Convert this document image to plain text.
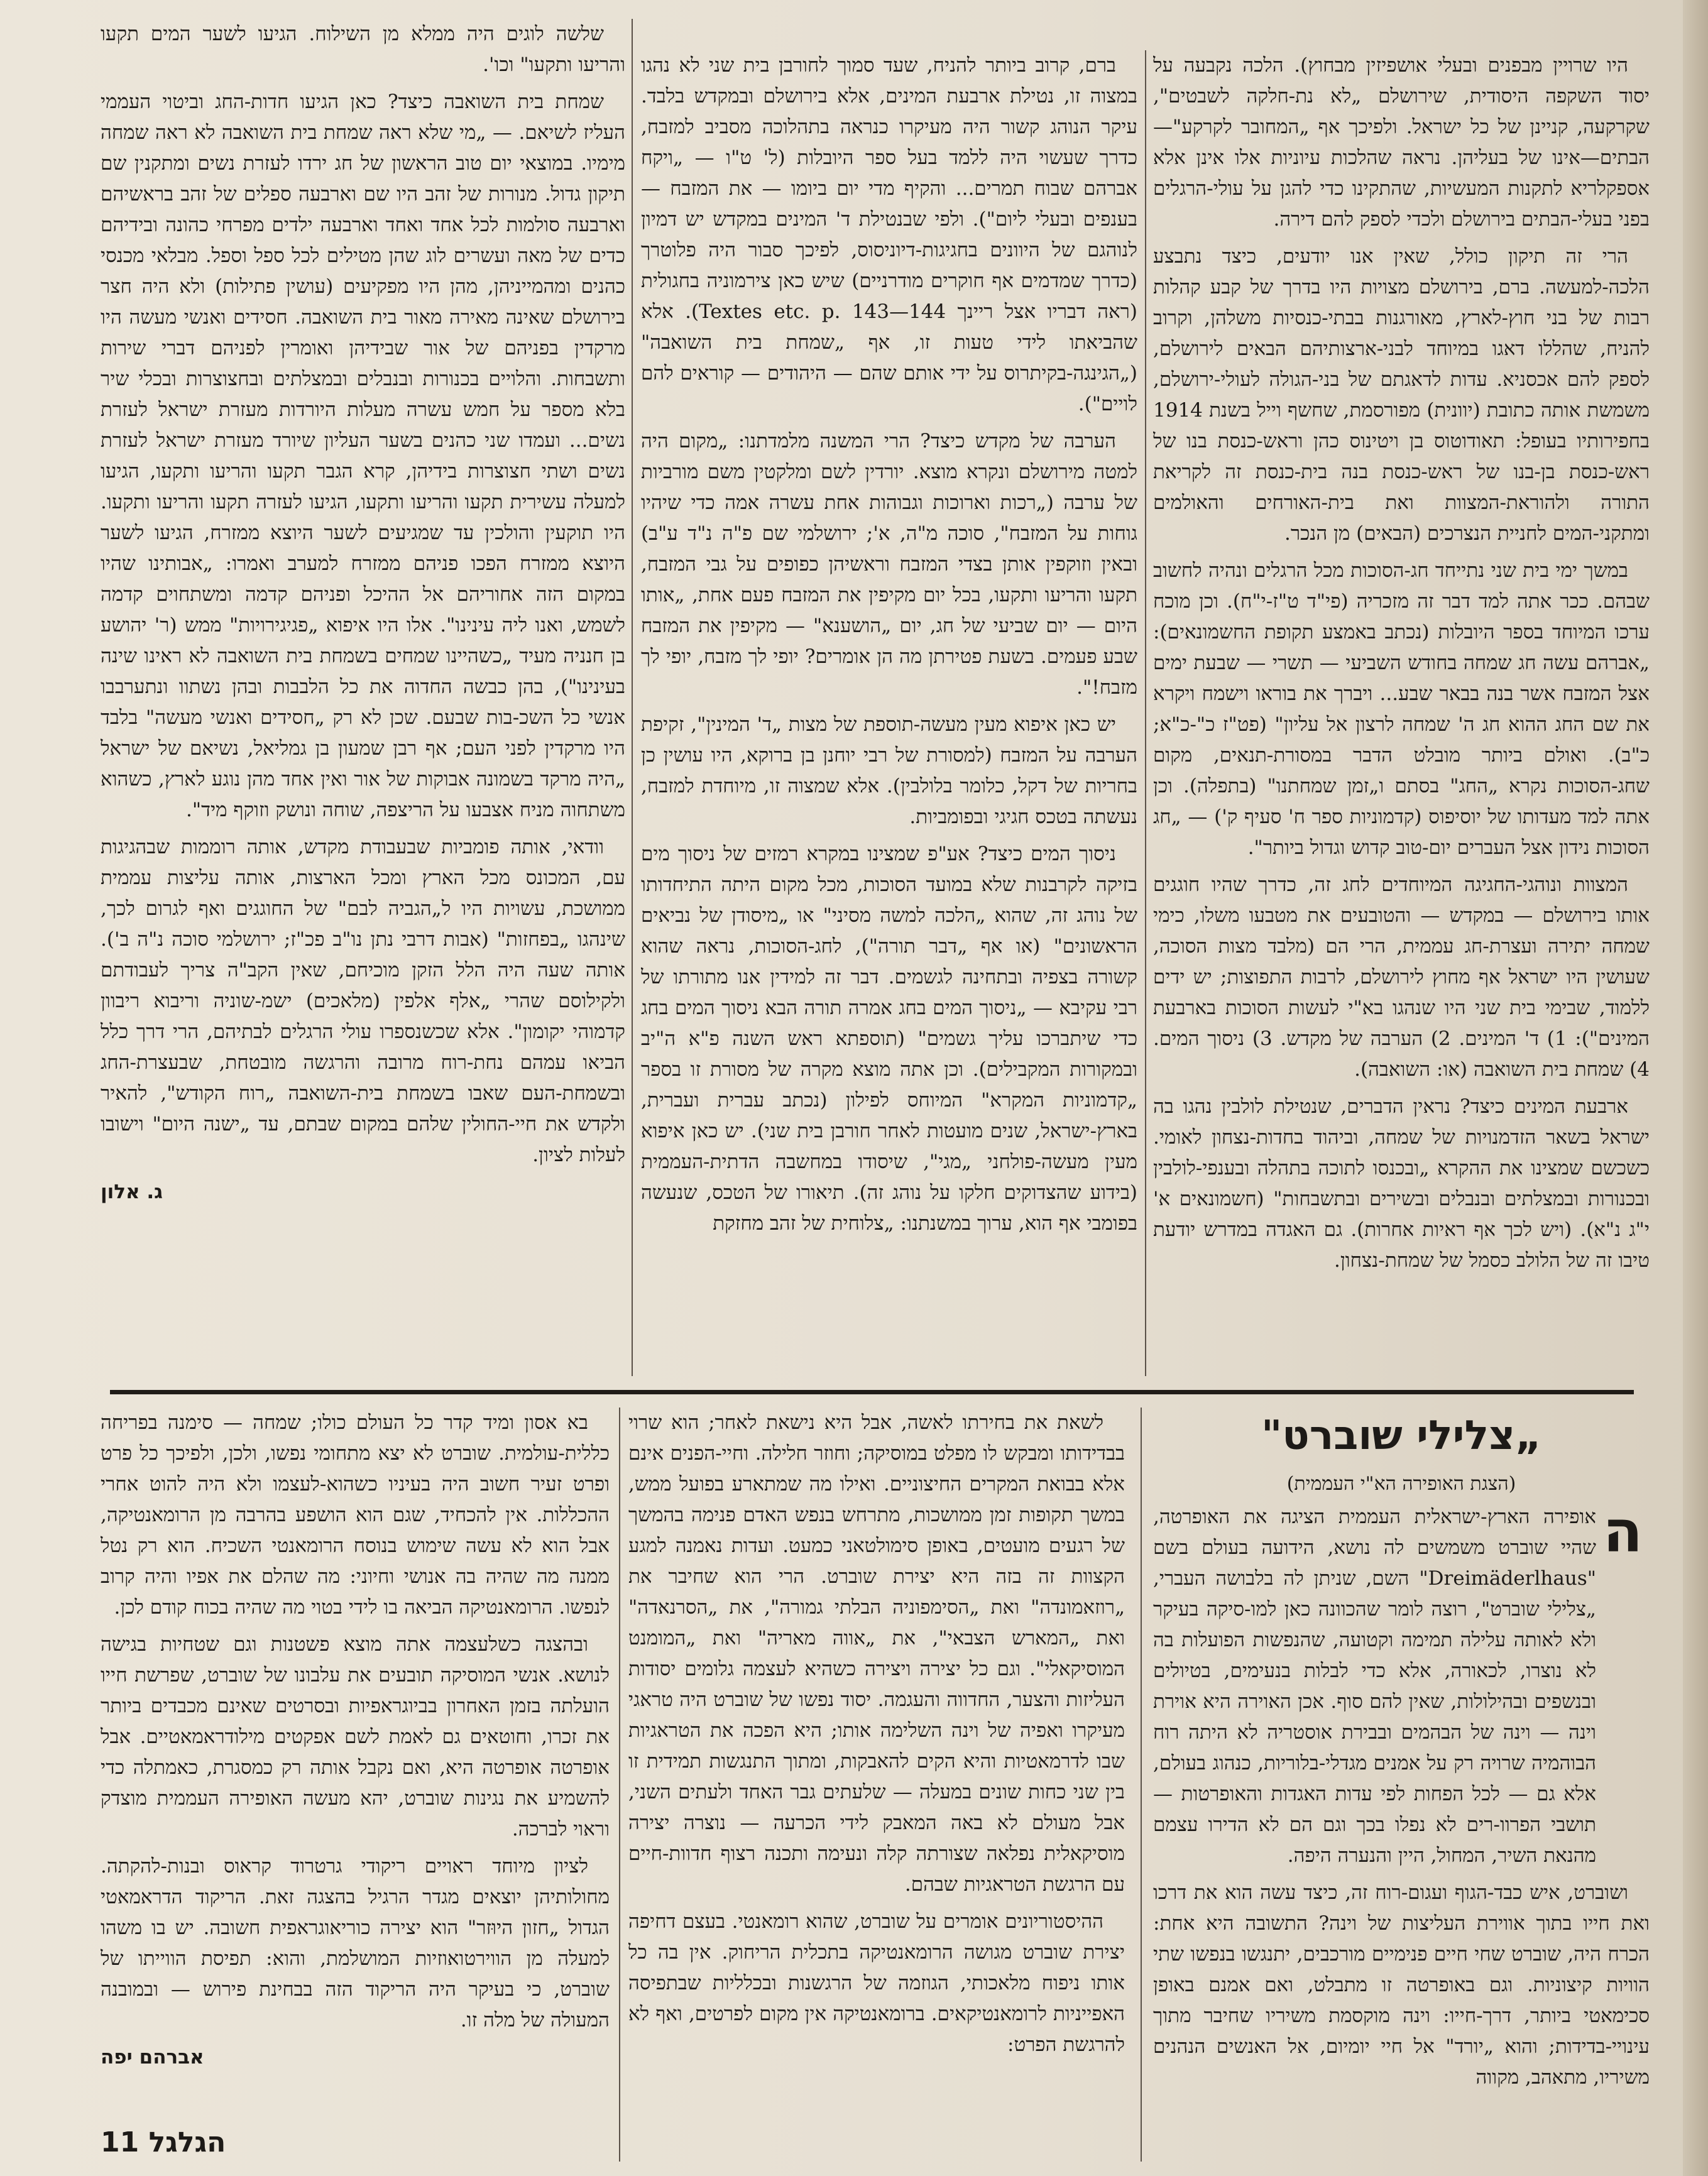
היו שרויין מבפנים ובעלי אושפיזין מבחוץ). הלכה נקבעה על יסוד השקפה היסודית, שירושלם „לא נת-חלקה לשבטים", שקרקעה, קניינן של כל ישראל. ולפיכך אף „המחובר לקרקע"—הבתים—אינו של בעליהן. נראה שהלכות עיוניות אלו אינן אלא אספקלריא לתקנות המעשיות, שהתקינו כדי להגן על עולי-הרגלים בפני בעלי-הבתים בירושלם ולכדי לספק להם דירה.

הרי זה תיקון כולל, שאין אנו יודעים, כיצד נתבצע הלכה-למעשה. ברם, בירושלם מצויות היו בדרך של קבע קהלות רבות של בני חוץ-לארץ, מאורגנות בבתי-כנסיות משלהן, וקרוב להניח, שהללו דאגו במיוחד לבני-ארצותיהם הבאים לירושלם, לספק להם אכסניא. עדות לדאגתם של בני-הגולה לעולי-ירושלם, משמשת אותה כתובת (יוונית) מפורסמת, שחשף וייל בשנת 1914 בחפירותיו בעופל: תאודוטוס בן ויטינוס כהן וראש-כנסת בנו של ראש-כנסת בן-בנו של ראש-כנסת בנה בית-כנסת זה לקריאת התורה ולהוראת-המצוות ואת בית-האורחים והאולמים ומתקני-המים לחניית הנצרכים (הבאים) מן הנכר.

במשך ימי בית שני נתייחד חג-הסוכות מכל הרגלים ונהיה לחשוב שבהם. ככר אתה למד דבר זה מזכריה (פי"ד ט"ז-י"ח). וכן מוכח ערכו המיוחד בספר היובלות (נכתב באמצע תקופת החשמונאים): „אברהם עשה חג שמחה בחודש השביעי — תשרי — שבעת ימים אצל המזבח אשר בנה בבאר שבע... ויברך את בוראו וישמח ויקרא את שם החג ההוא חג ה' שמחה לרצון אל עליון" (פט"ז כ"-כ"א; כ"ב). ואולם ביותר מובלט הדבר במסורת-תנאים, מקום שחג-הסוכות נקרא „החג" בסתם ו„זמן שמחתנו" (בתפלה). וכן אתה למד מעדותו של יוסיפוס (קדמוניות ספר ח' סעיף ק') — „חג הסוכות נידון אצל העברים יום-טוב קדוש וגדול ביותר".

המצוות ונוהגי-החגיגה המיוחדים לחג זה, כדרך שהיו חוגגים אותו בירושלם — במקדש — והטובעים את מטבעו משלו, כימי שמחה יתירה ועצרת-חג עממית, הרי הם (מלבד מצות הסוכה, שעושין היו ישראל אף מחוץ לירושלם, לרבות התפוצות; יש ידים ללמוד, שבימי בית שני היו שנהגו בא"י לעשות הסוכות בארבעת המינים"): 1) ד' המינים. 2) הערבה של מקדש. 3) ניסוך המים. 4) שמחת בית השואבה (או: השואבה).

ארבעת המינים כיצד? נראין הדברים, שנטילת לולבין נהגו בה ישראל בשאר הזדמנויות של שמחה, וביהוד בחדות-נצחון לאומי. כשכשם שמצינו את ההקרא „ובכנסו לתוכה בתהלה ובענפי-לולבין ובכנורות ובמצלתים ובנבלים ובשירים ובתשבחות" (חשמונאים א' י"ג נ"א). (ויש לכך אף ראיות אחרות). גם האגדה במדרש יודעת טיבו זה של הלולב כסמל של שמחת-נצחון.

ברם, קרוב ביותר להניח, שעד סמוך לחורבן בית שני לא נהגו במצוה זו, נטילת ארבעת המינים, אלא בירושלם ובמקדש בלבד. עיקר הנוהג קשור היה מעיקרו כנראה בתהלוכה מסביב למזבח, כדרך שעשוי היה ללמד בעל ספר היובלות (ל' ט"ו — „ויקח אברהם שבוח תמרים... והקיף מדי יום ביומו — את המזבח — בענפים ובעלי ליום"). ולפי שבנטילת ד' המינים במקדש יש דמיון לנוהגם של היוונים בחגיגות-דיוניסוס, לפיכך סבור היה פלוטרך (כדרך שמדמים אף חוקרים מודרניים) שיש כאן צירמוניה בחגולית (ראה דבריו אצל ריינך Textes etc. p. 143—144). אלא שהביאתו לידי טעות זו, אף „שמחת בית השואבה" („הגינגה-בקיתרוס על ידי אותם שהם — היהודים — קוראים להם לויים").

הערבה של מקדש כיצד? הרי המשנה מלמדתנו: „מקום היה למטה מירושלם ונקרא מוצא. יורדין לשם ומלקטין משם מורביות של ערבה („רכות וארוכות וגבוהות אחת עשרה אמה כדי שיהיו גוחות על המזבח", סוכה מ"ה, א'; ירושלמי שם פ"ה נ"ד ע"ב) ובאין וזוקפין אותן בצדי המזבח וראשיהן כפופים על גבי המזבח, תקעו והריעו ותקעו, בכל יום מקיפין את המזבח פעם אחת, „אותו היום — יום שביעי של חג, יום „הושענא" — מקיפין את המזבח שבע פעמים. בשעת פטירתן מה הן אומרים? יופי לך מזבח, יופי לך מזבח!".

יש כאן איפוא מעין מעשה-תוספת של מצות „ד' המינין", זקיפת הערבה על המזבח (למסורת של רבי יוחנן בן ברוקא, היו עושין כן בחריות של דקל, כלומר בלולבין). אלא שמצוה זו, מיוחדת למזבח, נעשתה בטכס חגיגי ובפומביות.

ניסוך המים כיצד? אע"פ שמצינו במקרא רמזים של ניסוך מים בזיקה לקרבנות שלא במועד הסוכות, מכל מקום היתה התיחדותו של נוהג זה, שהוא „הלכה למשה מסיני" או „מיסודן של נביאים הראשונים" (או אף „דבר תורה"), לחג-הסוכות, נראה שהוא קשורה בצפיה ובתחינה לגשמים. דבר זה למידין אנו מתורתו של רבי עקיבא — „ניסוך המים בחג אמרה תורה הבא ניסוך המים בחג כדי שיתברכו עליך גשמים" (תוספתא ראש השנה פ"א ה"יב ובמקורות המקבילים). וכן אתה מוצא מקרה של מסורת זו בספר „קדמוניות המקרא" המיוחס לפילון (נכתב עברית ועברית, בארץ-ישראל, שנים מועטות לאחר חורבן בית שני). יש כאן איפוא מעין מעשה-פולחני „מגי", שיסודו במחשבה הדתית-העממית (בידוע שהצדוקים חלקו על נוהג זה). תיאורו של הטכס, שנעשה בפומבי אף הוא, ערוך במשנתנו: „צלוחית של זהב מחזקת

שלשה לוגים היה ממלא מן השילוח. הגיעו לשער המים תקעו והריעו ותקעו" וכו'.

שמחת בית השואבה כיצד? כאן הגיעו חדות-החג וביטוי העממי העליז לשיאם. — „מי שלא ראה שמחת בית השואבה לא ראה שמחה מימיו. במוצאי יום טוב הראשון של חג ירדו לעזרת נשים ומתקנין שם תיקון גדול. מנורות של זהב היו שם וארבעה ספלים של זהב בראשיהם וארבעה סולמות לכל אחד ואחד וארבעה ילדים מפרחי כהונה ובידיהם כדים של מאה ועשרים לוג שהן מטילים לכל ספל וספל. מבלאי מכנסי כהנים ומהמייניהן, מהן היו מפקיעים (עושין פתילות) ולא היה חצר בירושלם שאינה מאירה מאור בית השואבה. חסידים ואנשי מעשה היו מרקדין בפניהם של אור שבידיהן ואומרין לפניהם דברי שירות ותשבחות. והלויים בכנורות ובנבלים ובמצלתים ובחצוצרות ובכלי שיר בלא מספר על חמש עשרה מעלות היורדות מעזרת ישראל לעזרת נשים... ועמדו שני כהנים בשער העליון שיורד מעזרת ישראל לעזרת נשים ושתי חצוצרות בידיהן, קרא הגבר תקעו והריעו ותקעו, הגיעו למעלה עשירית תקעו והריעו ותקעו, הגיעו לעזרה תקעו והריעו ותקעו. היו תוקעין והולכין עד שמגיעים לשער היוצא ממזרח, הגיעו לשער היוצא ממזרח הפכו פניהם ממזרח למערב ואמרו: „אבותינו שהיו במקום הזה אחוריהם אל ההיכל ופניהם קדמה ומשתחוים קדמה לשמש, ואנו ליה עינינו". אלו היו איפוא „פגיגירויות" ממש (ר' יהושע בן חנניה מעיד „כשהיינו שמחים בשמחת בית השואבה לא ראינו שינה בעינינו"), בהן כבשה החדוה את כל הלבבות ובהן נשתוו ונתערבבו אנשי כל השכ-בות שבעם. שכן לא רק „חסידים ואנשי מעשה" בלבד היו מרקדין לפני העם; אף רבן שמעון בן גמליאל, נשיאם של ישראל „היה מרקד בשמונה אבוקות של אור ואין אחד מהן נוגע לארץ, כשהוא משתחוה מניח אצבעו על הריצפה, שוחה ונושק וזוקף מיד".

וודאי, אותה פומביות שבעבודת מקדש, אותה רוממות שבהגיגות עם, המכונס מכל הארץ ומכל הארצות, אותה עליצות עממית ממושכת, עשויות היו ל„הגביה לבם" של החוגגים ואף לגרום לכך, שינהגו „בפחזות" (אבות דרבי נתן נו"ב פכ"ז; ירושלמי סוכה נ"ה ב'). אותה שעה היה הלל הזקן מוכיחם, שאין הקב"ה צריך לעבודתם ולקילוסם שהרי „אלף אלפין (מלאכים) ישמ-שוניה וריבוא ריבוון קדמוהי יקומון". אלא שכשנספרו עולי הרגלים לבתיהם, הרי דרך כלל הביאו עמהם נחת-רוח מרובה והרגשה מובטחת, שבעצרת-החג ובשמחת-העם שאבו בשמחת בית-השואבה „רוח הקודש", להאיר ולקדש את חיי-החולין שלהם במקום שבתם, עד „ישנה היום" וישובו לעלות לציון.

ג. אלון

„צלילי שוברט"
(הצגת האופירה הא"י העממית)
ה

אופירה הארץ-ישראלית העממית הציגה את האופרטה, שהיי שוברט משמשים לה נושא, הידועה בעולם בשם "Dreimäderlhaus" השם, שניתן לה בלבושה העברי, „צלילי שוברט", רוצה לומר שהכוונה כאן למו-סיקה בעיקר ולא לאותה עלילה תמימה וקטועה, שהנפשות הפועלות בה לא נוצרו, לכאורה, אלא כדי לבלות בנעימים, בטיולים ובנשפים ובהילולות, שאין להם סוף. אכן האוירה היא אוירת וינה — וינה של הבהמים ובבירת אוסטריה לא היתה רוח הבוהמיה שרויה רק על אמנים מגדלי-בלוריות, כנהוג בעולם, אלא גם — לכל הפחות לפי עדות האגדות והאופרטות — תושבי הפרוו-רים לא נפלו בכך וגם הם לא הדירו עצמם מהנאת השיר, המחול, היין והנערה היפה.

ושוברט, איש כבד-הגוף ועגום-רוח זה, כיצד עשה הוא את דרכו ואת חייו בתוך אווירת העליצות של וינה? התשובה היא אחת: הכרח היה, שוברט שחי חיים פנימיים מורכבים, יתנגשו בנפשו שתי הוויות קיצוניות. וגם באופרטה זו מתבלט, ואם אמנם באופן סכימאטי ביותר, דרך-חייו: וינה מוקסמת משיריו שחיבר מתוך עינויי-בדידות; והוא „יורד" אל חיי יומיום, אל האנשים הנהנים משיריו, מתאהב, מקווה

לשאת את בחירתו לאשה, אבל היא נישאת לאחר; הוא שרוי בבדידותו ומבקש לו מפלט במוסיקה; וחוזר חלילה. וחיי-הפנים אינם אלא בבואת המקרים החיצוניים. ואילו מה שמתארע בפועל ממש, במשך תקופות זמן ממושכות, מתרחש בנפש האדם פנימה בהמשך של רגעים מועטים, באופן סימולטאני כמעט. ועדות נאמנה למגע הקצוות זה בזה היא יצירת שוברט. הרי הוא שחיבר את „רוזאמונדה" ואת „הסימפוניה הבלתי גמורה", את „הסרנאדה" ואת „המארש הצבאי", את „אווה מאריה" ואת „המומנט המוסיקאלי". וגם כל יצירה ויצירה כשהיא לעצמה גלומים יסודות העליזות והצער, החדווה והעגמה. יסוד נפשו של שוברט היה טראגי מעיקרו ואפיה של וינה השלימה אותו; היא הפכה את הטראגיות שבו לדרמאטיות והיא הקים להאבקות, ומתוך התנגשות תמידית זו בין שני כחות שונים במעלה — שלעתים גבר האחד ולעתים השני, אבל מעולם לא באה המאבק לידי הכרעה — נוצרה יצירה מוסיקאלית נפלאה שצורתה קלה ונעימה ותכנה רצוף חדוות-חיים עם הרגשת הטראגיות שבהם.

ההיסטוריונים אומרים על שוברט, שהוא רומאנטי. בעצם דחיפה יצירת שוברט מגושה הרומאנטיקה בתכלית הריחוק. אין בה כל אותו ניפוח מלאכותי, הגוזמה של הרגשנות ובכלליות שבתפיסה האפייניות לרומאנטיקאים. ברומאנטיקה אין מקום לפרטים, ואף לא להרגשת הפרט:

בא אסון ומיד קדר כל העולם כולו; שמחה — סימנה בפריחה כללית-עולמית. שוברט לא יצא מתחומי נפשו, ולכן, ולפיכך כל פרט ופרט זעיר חשוב היה בעיניו כשהוא-לעצמו ולא היה להוט אחרי ההכללות. אין להכחיד, שגם הוא הושפע בהרבה מן הרומאנטיקה, אבל הוא לא עשה שימוש בנוסח הרומאנטי השכיח. הוא רק נטל ממנה מה שהיה בה אנושי וחיוני: מה שהלם את אפיו והיה קרוב לנפשו. הרומאנטיקה הביאה בו לידי בטוי מה שהיה בכוח קודם לכן.

ובהצגה כשלעצמה אתה מוצא פשטנות וגם שטחיות בגישה לנושא. אנשי המוסיקה תובעים את עלבונו של שוברט, שפרשת חייו הועלתה בזמן האחרון בביוגראפיות ובסרטים שאינם מכבדים ביותר את זכרו, וחוטאים גם לאמת לשם אפקטים מילודראמאטיים. אבל אופרטה אופרטה היא, ואם נקבל אותה רק כמסגרת, כאמתלה כדי להשמיע את נגינות שוברט, יהא מעשה האופירה העממית מוצדק וראוי לברכה.

לציון מיוחד ראויים ריקודי גרטרוד קראוס ובנות-להקתה. מחולותיהן יוצאים מגדר הרגיל בהצגה זאת. הריקוד הדראמאטי הגדול „חזון היוּזר" הוא יצירה כוריאוגראפית חשובה. יש בו משהו למעלה מן הווירטואוזיות המושלמת, והוא: תפיסת הווייתו של שוברט, כי בעיקר היה הריקוד הזה בבחינת פירוש — ובמובנה המעולה של מלה זו.

אברהם יפה

הגלגל 11
